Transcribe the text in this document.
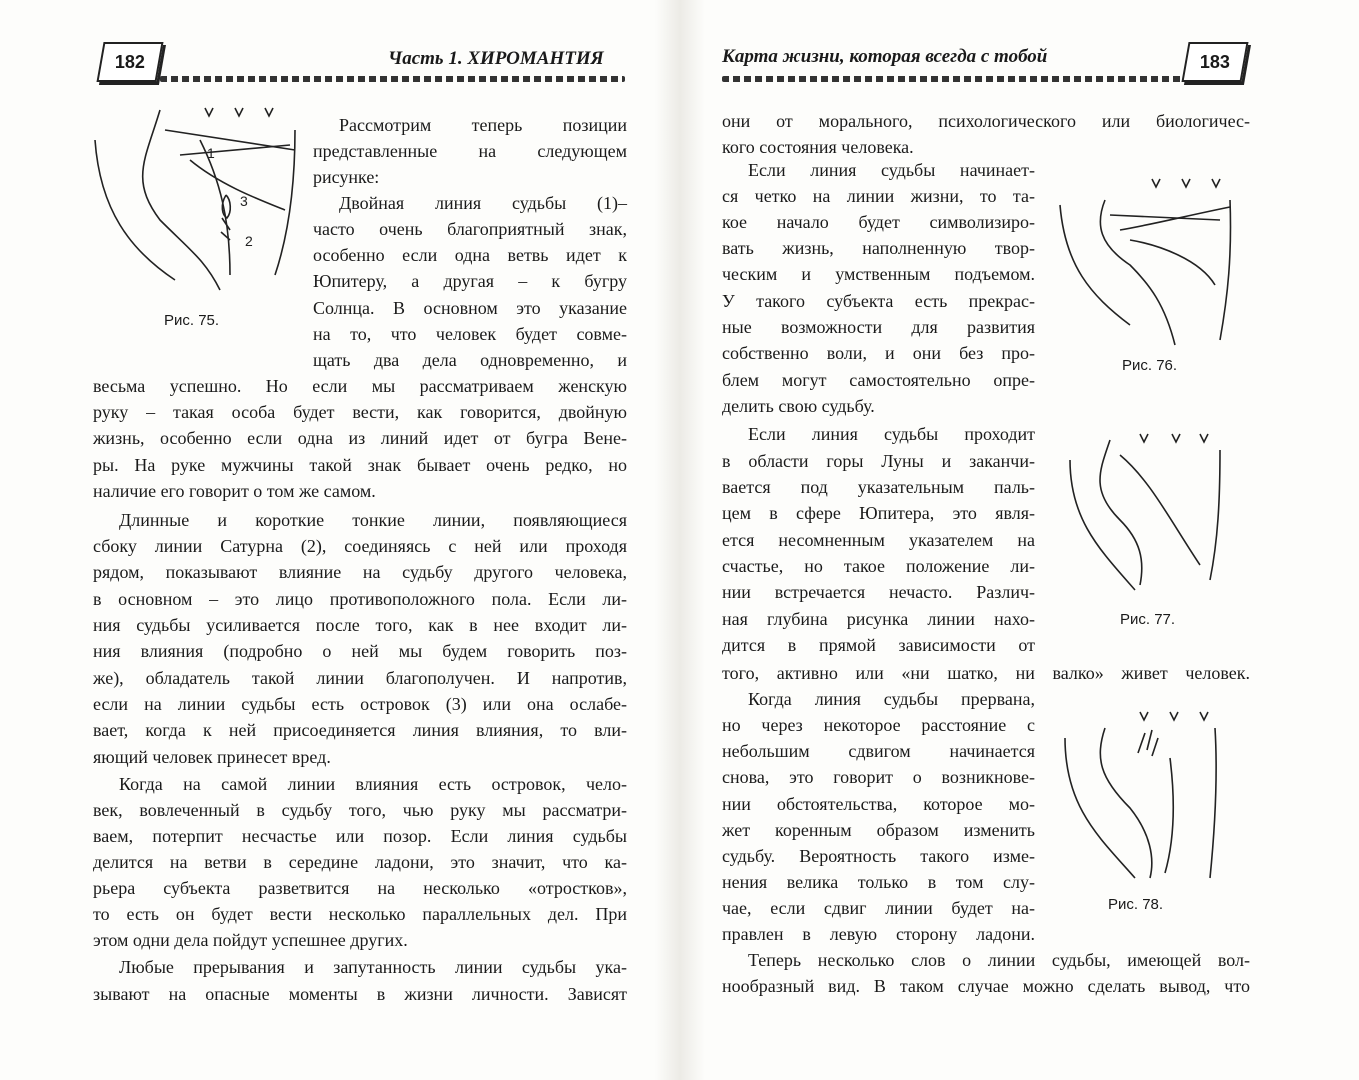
182	Часть 1. ХИРОМАНТИЯ	183
Карта жизни, которая всегда с тобой
Рассмотрим теперь позиции
представленные на следующем
рисунке:
Двойная линия судьбы (1)–
часто очень благоприятный знак,
особенно если одна ветвь идет к
Юпитеру, а другая – к бугру
Солнца. В основном это указание
на то, что человек будет совме-
щать два дела одновременно, и
весьма успешно. Но если мы рассматриваем женскую
руку – такая особа будет вести, как говорится, двойную
жизнь, особенно если одна из линий идет от бугра Вене-
ры. На руке мужчины такой знак бывает очень редко, но
наличие его говорит о том же самом.
Длинные и короткие тонкие линии, появляющиеся
сбоку линии Сатурна (2), соединяясь с ней или проходя
рядом, показывают влияние на судьбу другого человека,
в основном – это лицо противоположного пола. Если ли-
ния судьбы усиливается после того, как в нее входит ли-
ния влияния (подробно о ней мы будем говорить поз-
же), обладатель такой линии благополучен. И напротив,
если на линии судьбы есть островок (3) или она ослабе-
вает, когда к ней присоединяется линия влияния, то вли-
яющий человек принесет вред.
Когда на самой линии влияния есть островок, чело-
век, вовлеченный в судьбу того, чью руку мы рассматри-
ваем, потерпит несчастье или позор. Если линия судьбы
делится на ветви в середине ладони, это значит, что ка-
рьера субъекта разветвится на несколько «отростков»,
то есть он будет вести несколько параллельных дел. При
этом одни дела пойдут успешнее других.
Любые прерывания и запутанность линии судьбы ука-
зывают на опасные моменты в жизни личности. Зависят
они от морального, психологического или биологичес-
кого состояния человека.
Если линия судьбы начинает-
ся четко на линии жизни, то та-
кое начало будет символизиро-
вать жизнь, наполненную твор-
ческим и умственным подъемом.
У такого субъекта есть прекрас-
ные возможности для развития
собственно воли, и они без про-
блем могут самостоятельно опре-
делить свою судьбу.
Если линия судьбы проходит
в области горы Луны и заканчи-
вается под указательным паль-
цем в сфере Юпитера, это явля-
ется несомненным указателем на
счастье, но такое положение ли-
нии встречается нечасто. Различ-
ная глубина рисунка линии нахо-
дится в прямой зависимости от
того, активно или «ни шатко, ни валко» живет человек.
Когда линия судьбы прервана,
но через некоторое расстояние с
небольшим сдвигом начинается
снова, это говорит о возникнове-
нии обстоятельства, которое мо-
жет коренным образом изменить
судьбу. Вероятность такого изме-
нения велика только в том слу-
чае, если сдвиг линии будет на-
правлен в левую сторону ладони.
Теперь несколько слов о линии судьбы, имеющей вол-
нообразный вид. В таком случае можно сделать вывод, что
1
3
2
Рис. 75.
Рис. 76.
Рис. 77.
Рис. 78.
